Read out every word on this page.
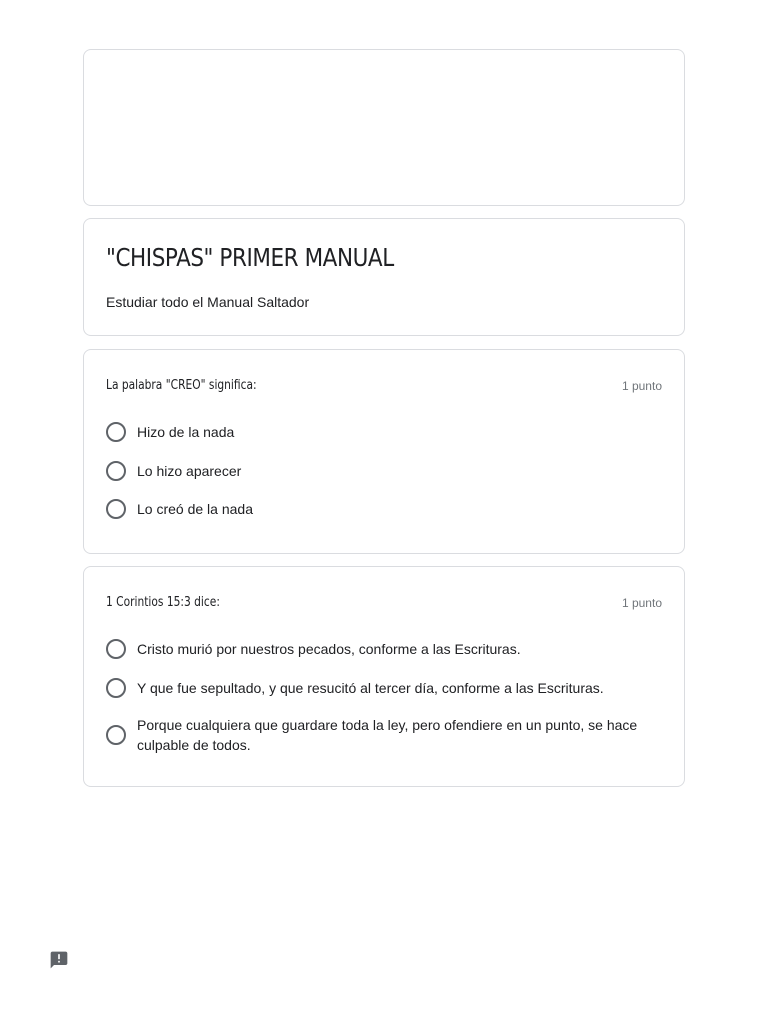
"CHISPAS" PRIMER MANUAL
Estudiar todo el Manual Saltador
La palabra "CREO" significa:	1 punto
Hizo de la nada
Lo hizo aparecer
Lo creó de la nada
1 Corintios 15:3 dice:	1 punto
Cristo murió por nuestros pecados, conforme a las Escrituras.
Y que fue sepultado, y que resucitó al tercer día, conforme a las Escrituras.
Porque cualquiera que guardare toda la ley, pero ofendiere en un punto, se hace culpable de todos.
